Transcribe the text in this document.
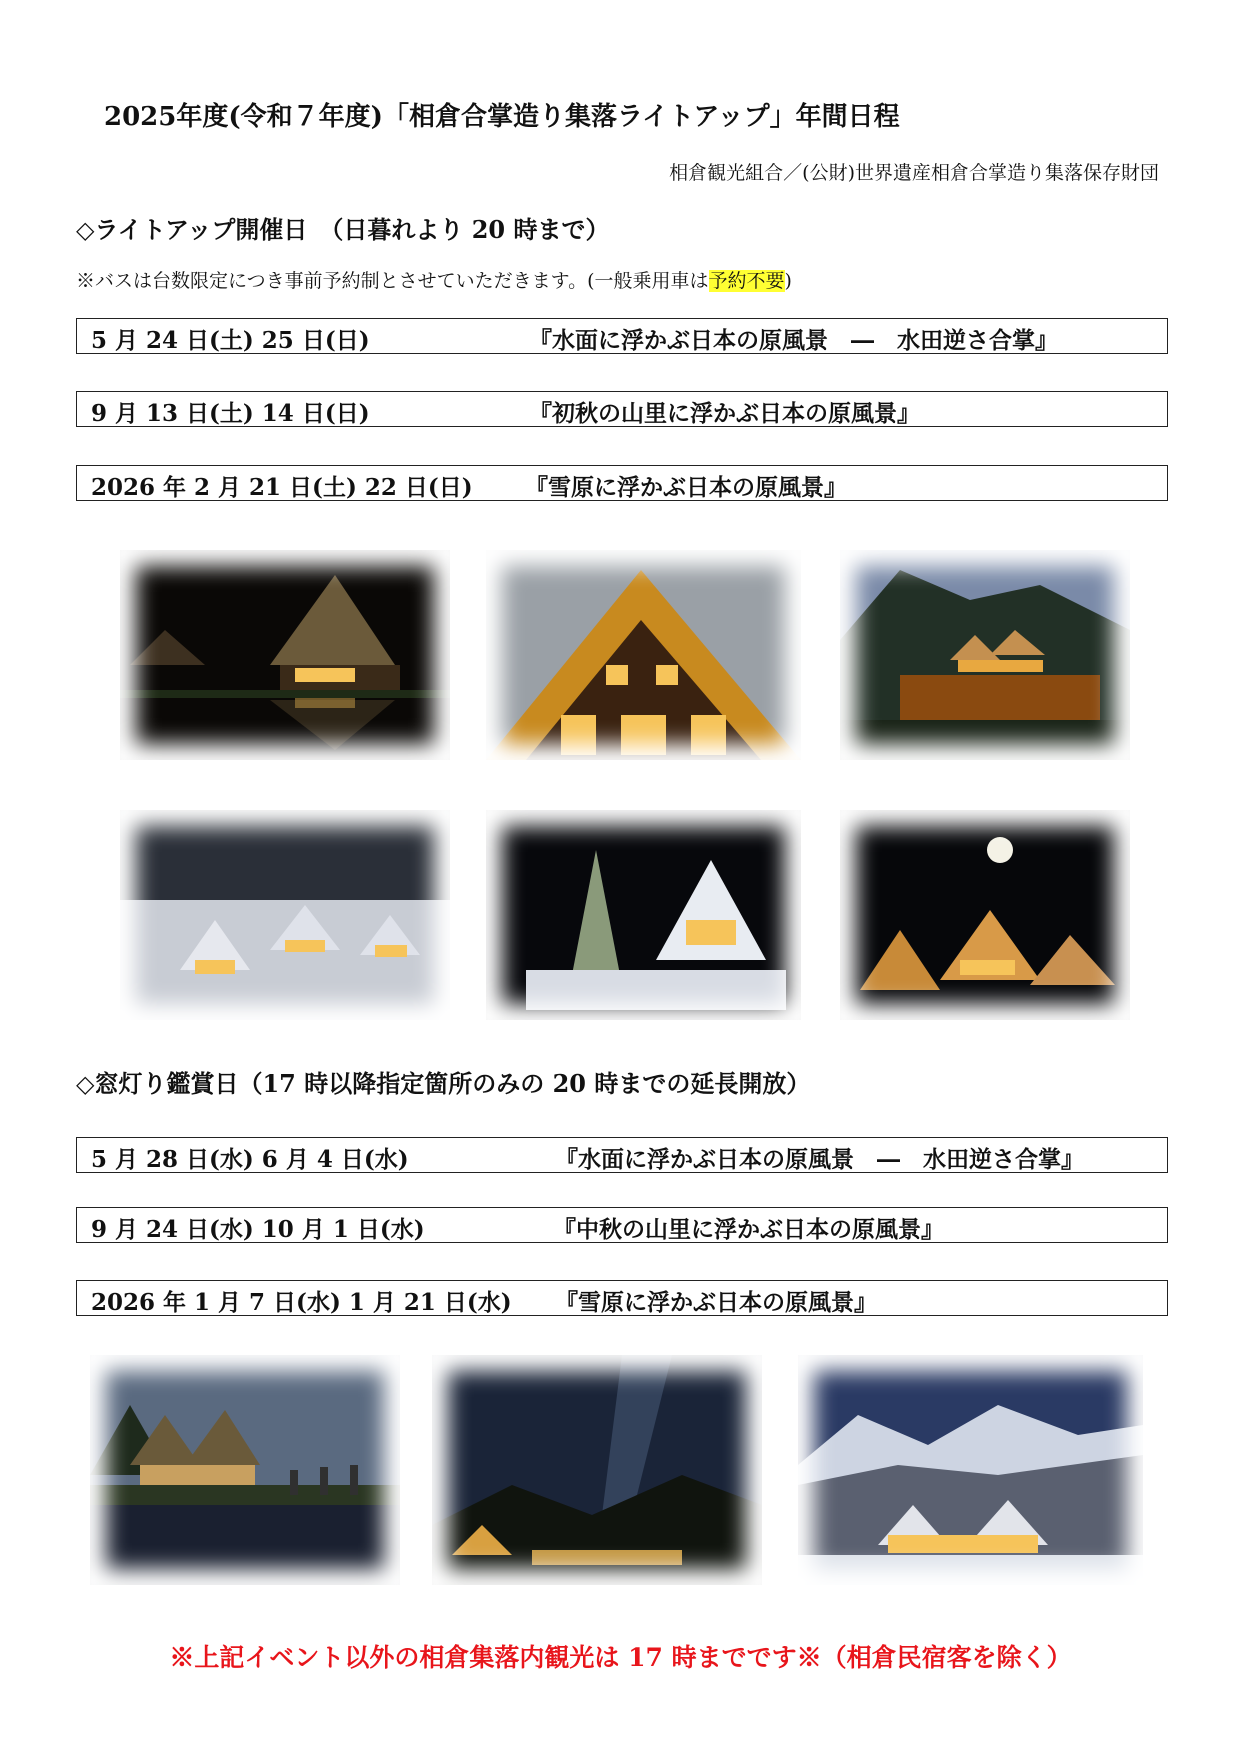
2025年度(令和７年度)「相倉合掌造り集落ライトアップ」年間日程
相倉観光組合／(公財)世界遺産相倉合掌造り集落保存財団
◇ライトアップ開催日　（日暮れより 20 時まで）
※バスは台数限定につき事前予約制とさせていただきます。(一般乗用車は予約不要)
5 月 24 日(土) 25 日(日)	『水面に浮かぶ日本の原風景　―　水田逆さ合掌』
9 月 13 日(土) 14 日(日)	『初秋の山里に浮かぶ日本の原風景』
2026 年 2 月 21 日(土) 22 日(日) 『雪原に浮かぶ日本の原風景』
◇窓灯り鑑賞日（17 時以降指定箇所のみの 20 時までの延長開放）
5 月 28 日(水) 6 月 4 日(水)	『水面に浮かぶ日本の原風景　―　水田逆さ合掌』
9 月 24 日(水) 10 月 1 日(水)	『中秋の山里に浮かぶ日本の原風景』
2026 年 1 月 7 日(水) 1 月 21 日(水) 『雪原に浮かぶ日本の原風景』
※上記イベント以外の相倉集落内観光は 17 時までです※（相倉民宿客を除く）
